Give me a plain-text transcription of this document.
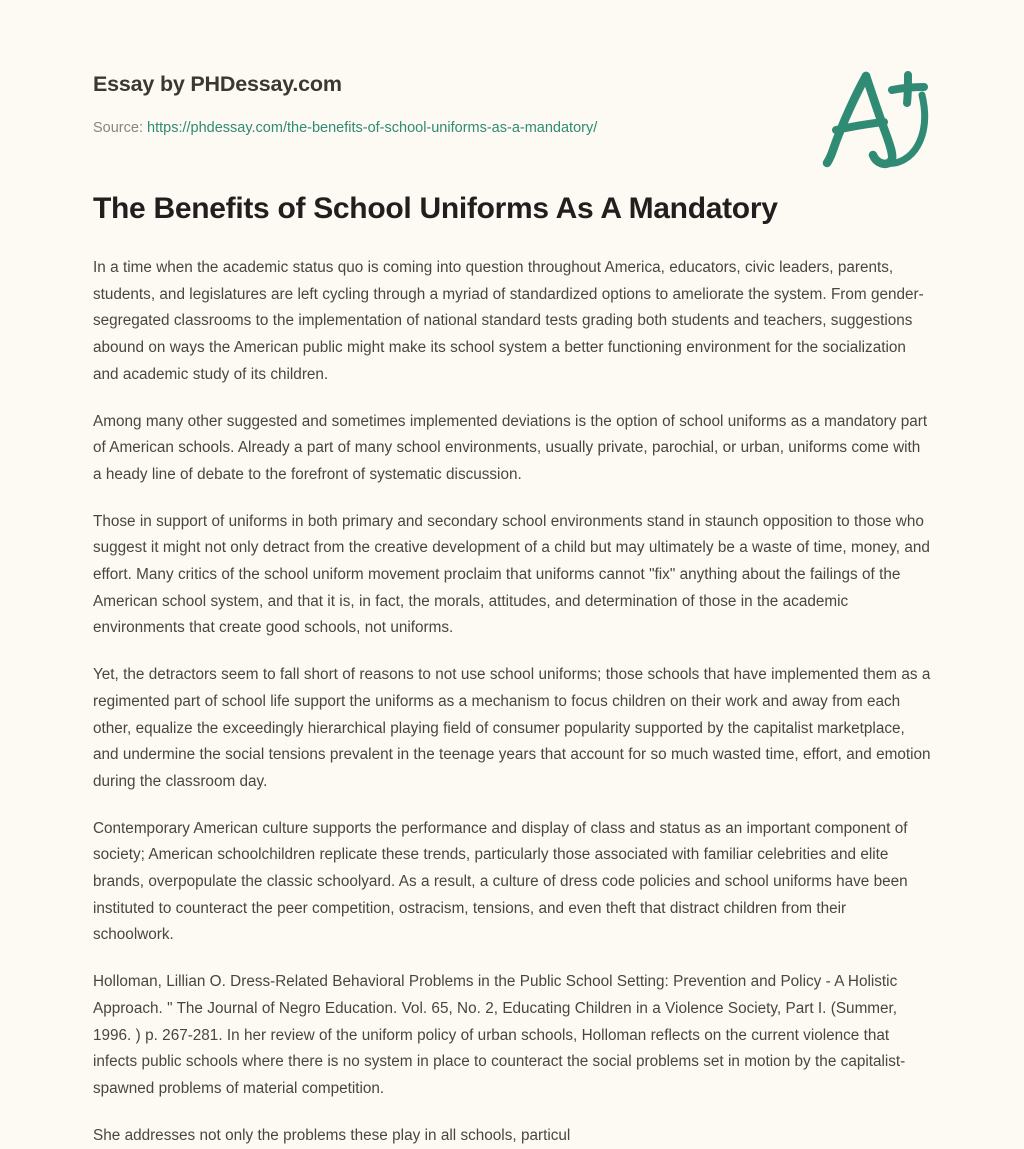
Essay by PHDessay.com
Source: https://phdessay.com/the-benefits-of-school-uniforms-as-a-mandatory/
The Benefits of School Uniforms As A Mandatory

In a time when the academic status quo is coming into question throughout America, educators, civic leaders, parents, students, and legislatures are left cycling through a myriad of standardized options to ameliorate the system. From gender-segregated classrooms to the implementation of national standard tests grading both students and teachers, suggestions abound on ways the American public might make its school system a better functioning environment for the socialization and academic study of its children.

Among many other suggested and sometimes implemented deviations is the option of school uniforms as a mandatory part of American schools. Already a part of many school environments, usually private, parochial, or urban, uniforms come with a heady line of debate to the forefront of systematic discussion.

Those in support of uniforms in both primary and secondary school environments stand in staunch opposition to those who suggest it might not only detract from the creative development of a child but may ultimately be a waste of time, money, and effort. Many critics of the school uniform movement proclaim that uniforms cannot "fix" anything about the failings of the American school system, and that it is, in fact, the morals, attitudes, and determination of those in the academic environments that create good schools, not uniforms.

Yet, the detractors seem to fall short of reasons to not use school uniforms; those schools that have implemented them as a regimented part of school life support the uniforms as a mechanism to focus children on their work and away from each other, equalize the exceedingly hierarchical playing field of consumer popularity supported by the capitalist marketplace, and undermine the social tensions prevalent in the teenage years that account for so much wasted time, effort, and emotion during the classroom day.

Contemporary American culture supports the performance and display of class and status as an important component of society; American schoolchildren replicate these trends, particularly those associated with familiar celebrities and elite brands, overpopulate the classic schoolyard. As a result, a culture of dress code policies and school uniforms have been instituted to counteract the peer competition, ostracism, tensions, and even theft that distract children from their schoolwork.

Holloman, Lillian O. Dress-Related Behavioral Problems in the Public School Setting: Prevention and Policy - A Holistic Approach. " The Journal of Negro Education. Vol. 65, No. 2, Educating Children in a Violence Society, Part I. (Summer, 1996. ) p. 267-281. In her review of the uniform policy of urban schools, Holloman reflects on the current violence that infects public schools where there is no system in place to counteract the social problems set in motion by the capitalist-spawned problems of material competition.

She addresses not only the problems these play in all schools, particul
